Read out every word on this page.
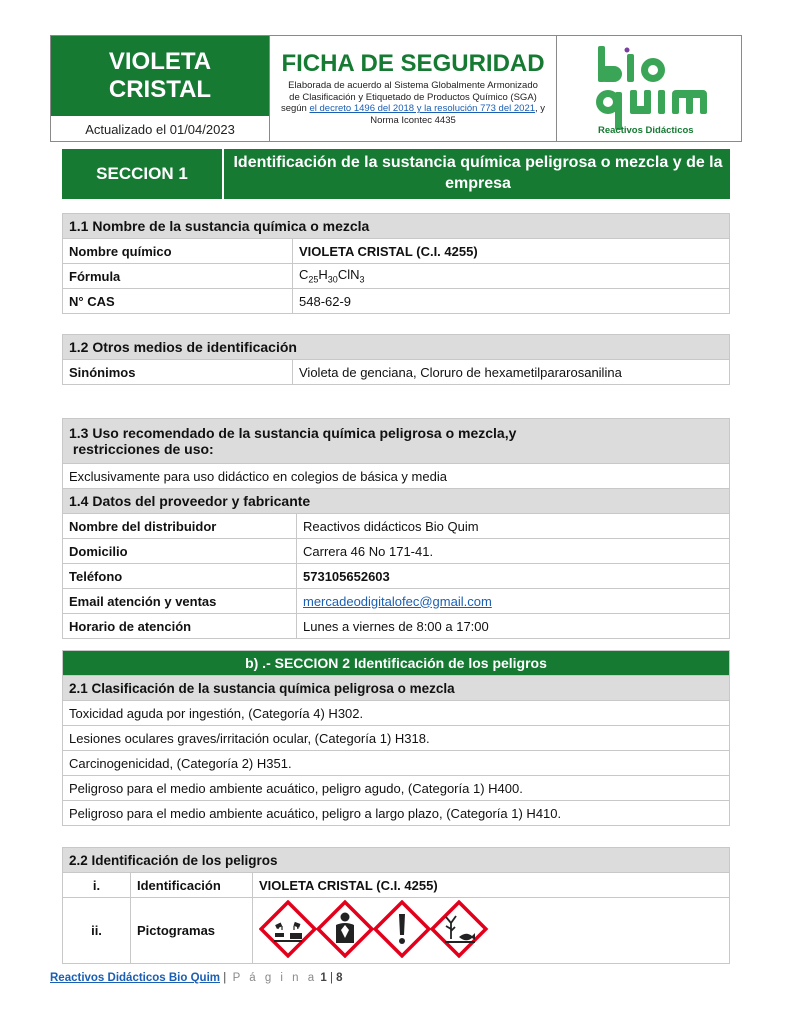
VIOLETA
CRISTAL
Actualizado el 01/04/2023
FICHA DE SEGURIDAD
Elaborada de acuerdo al Sistema Globalmente Armonizado
de Clasificación y Etiquetado de Productos Químico (SGA)
según el decreto 1496 del 2018 y la resolución 773 del 2021, y Norma Icontec 4435
Reactivos Didácticos
SECCION 1
Identificación de la sustancia química peligrosa o mezcla y de la empresa
1.1 Nombre de la sustancia química o mezcla	
Nombre químico	VIOLETA CRISTAL (C.I. 4255)
Fórmula	$C_{25}H_{30}ClN_3$
N° CAS	548-62-9
1.2 Otros medios de identificación
Sinónimos	Violeta de genciana, Cloruro de hexametilpararosanilina
1.3 Uso recomendado de la sustancia química peligrosa o mezcla,y
restricciones de uso:	

Exclusivamente para uso didáctico en colegios de básica y media	
1.4 Datos del proveedor y fabricante	
Nombre del distribuidor	Reactivos didácticos Bio Quim
Domicilio	Carrera 46 No 171-41.
Teléfono	573105652603
Email atención y ventas	mercadeodigitalofec@gmail.com
Horario de atención	Lunes a viernes de 8:00 a 17:00
b) .- SECCION 2 Identificación de los peligros
2.1 Clasificación de la sustancia química peligrosa o mezcla
Toxicidad aguda por ingestión, (Categoría 4) H302.
Lesiones oculares graves/irritación ocular, (Categoría 1) H318.
Carcinogenicidad, (Categoría 2) H351.
Peligroso para el medio ambiente acuático, peligro agudo, (Categoría 1) H400.
Peligroso para el medio ambiente acuático, peligro a largo plazo, (Categoría 1) H410.
2.2 Identificación de los peligros		
i.	Identificación	VIOLETA CRISTAL (C.I. 4255)
ii.	Pictogramas	
Reactivos Didácticos Bio Quim |  P á g i n a 1 | 8
